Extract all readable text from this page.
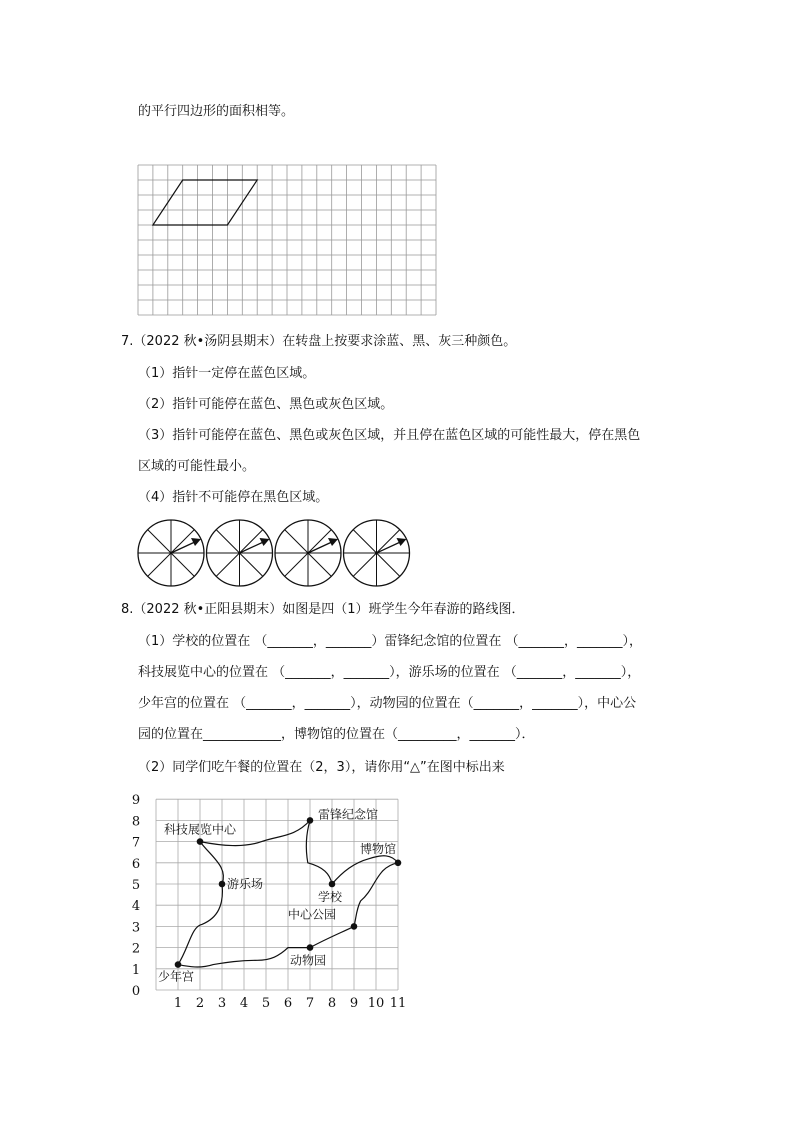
的平行四边形的面积相等。
7.（2022 秋•汤阴县期末）在转盘上按要求涂蓝、黑、灰三种颜色。
（1）指针一定停在蓝色区域。
（2）指针可能停在蓝色、黑色或灰色区域。
（3）指针可能停在蓝色、黑色或灰色区域，并且停在蓝色区域的可能性最大，停在黑色
区域的可能性最小。
（4）指针不可能停在黑色区域。
8.（2022 秋•正阳县期末）如图是四（1）班学生今年春游的路线图．
（1）学校的位置在 （_______，_______）雷锋纪念馆的位置在 （_______，_______），
科技展览中心的位置在 （_______，_______），游乐场的位置在 （_______，_______），
少年宫的位置在 （_______，_______），动物园的位置在（_______，_______），中心公
园的位置在____________，博物馆的位置在（_________，_______）．
（2）同学们吃午餐的位置在（2，3），请你用“△”在图中标出来
1 2 3 4 5 6 7 8 9 10 11
0
1
2
3
4
5
6
7
8
9
科技展览中心
雷锋纪念馆
博物馆
游乐场
学校
中心公园
动物园
少年宫
